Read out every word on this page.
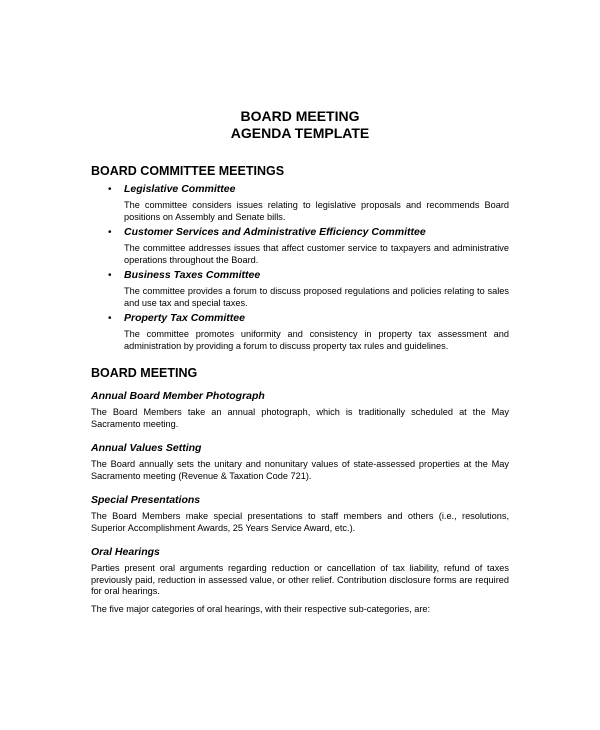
BOARD MEETING
AGENDA TEMPLATE
BOARD COMMITTEE MEETINGS
• Legislative Committee

The committee considers issues relating to legislative proposals and recommends Board positions on Assembly and Senate bills.

• Customer Services and Administrative Efficiency Committee

The committee addresses issues that affect customer service to taxpayers and administrative operations throughout the Board.

• Business Taxes Committee

The committee provides a forum to discuss proposed regulations and policies relating to sales and use tax and special taxes.

• Property Tax Committee

The committee promotes uniformity and consistency in property tax assessment and administration by providing a forum to discuss property tax rules and guidelines.

BOARD MEETING
Annual Board Member Photograph

The Board Members take an annual photograph, which is traditionally scheduled at the May Sacramento meeting.

Annual Values Setting

The Board annually sets the unitary and nonunitary values of state-assessed properties at the May Sacramento meeting (Revenue & Taxation Code 721).

Special Presentations

The Board Members make special presentations to staff members and others (i.e., resolutions, Superior Accomplishment Awards, 25 Years Service Award, etc.).

Oral Hearings

Parties present oral arguments regarding reduction or cancellation of tax liability, refund of taxes previously paid, reduction in assessed value, or other relief. Contribution disclosure forms are required for oral hearings.

The five major categories of oral hearings, with their respective sub-categories, are:
